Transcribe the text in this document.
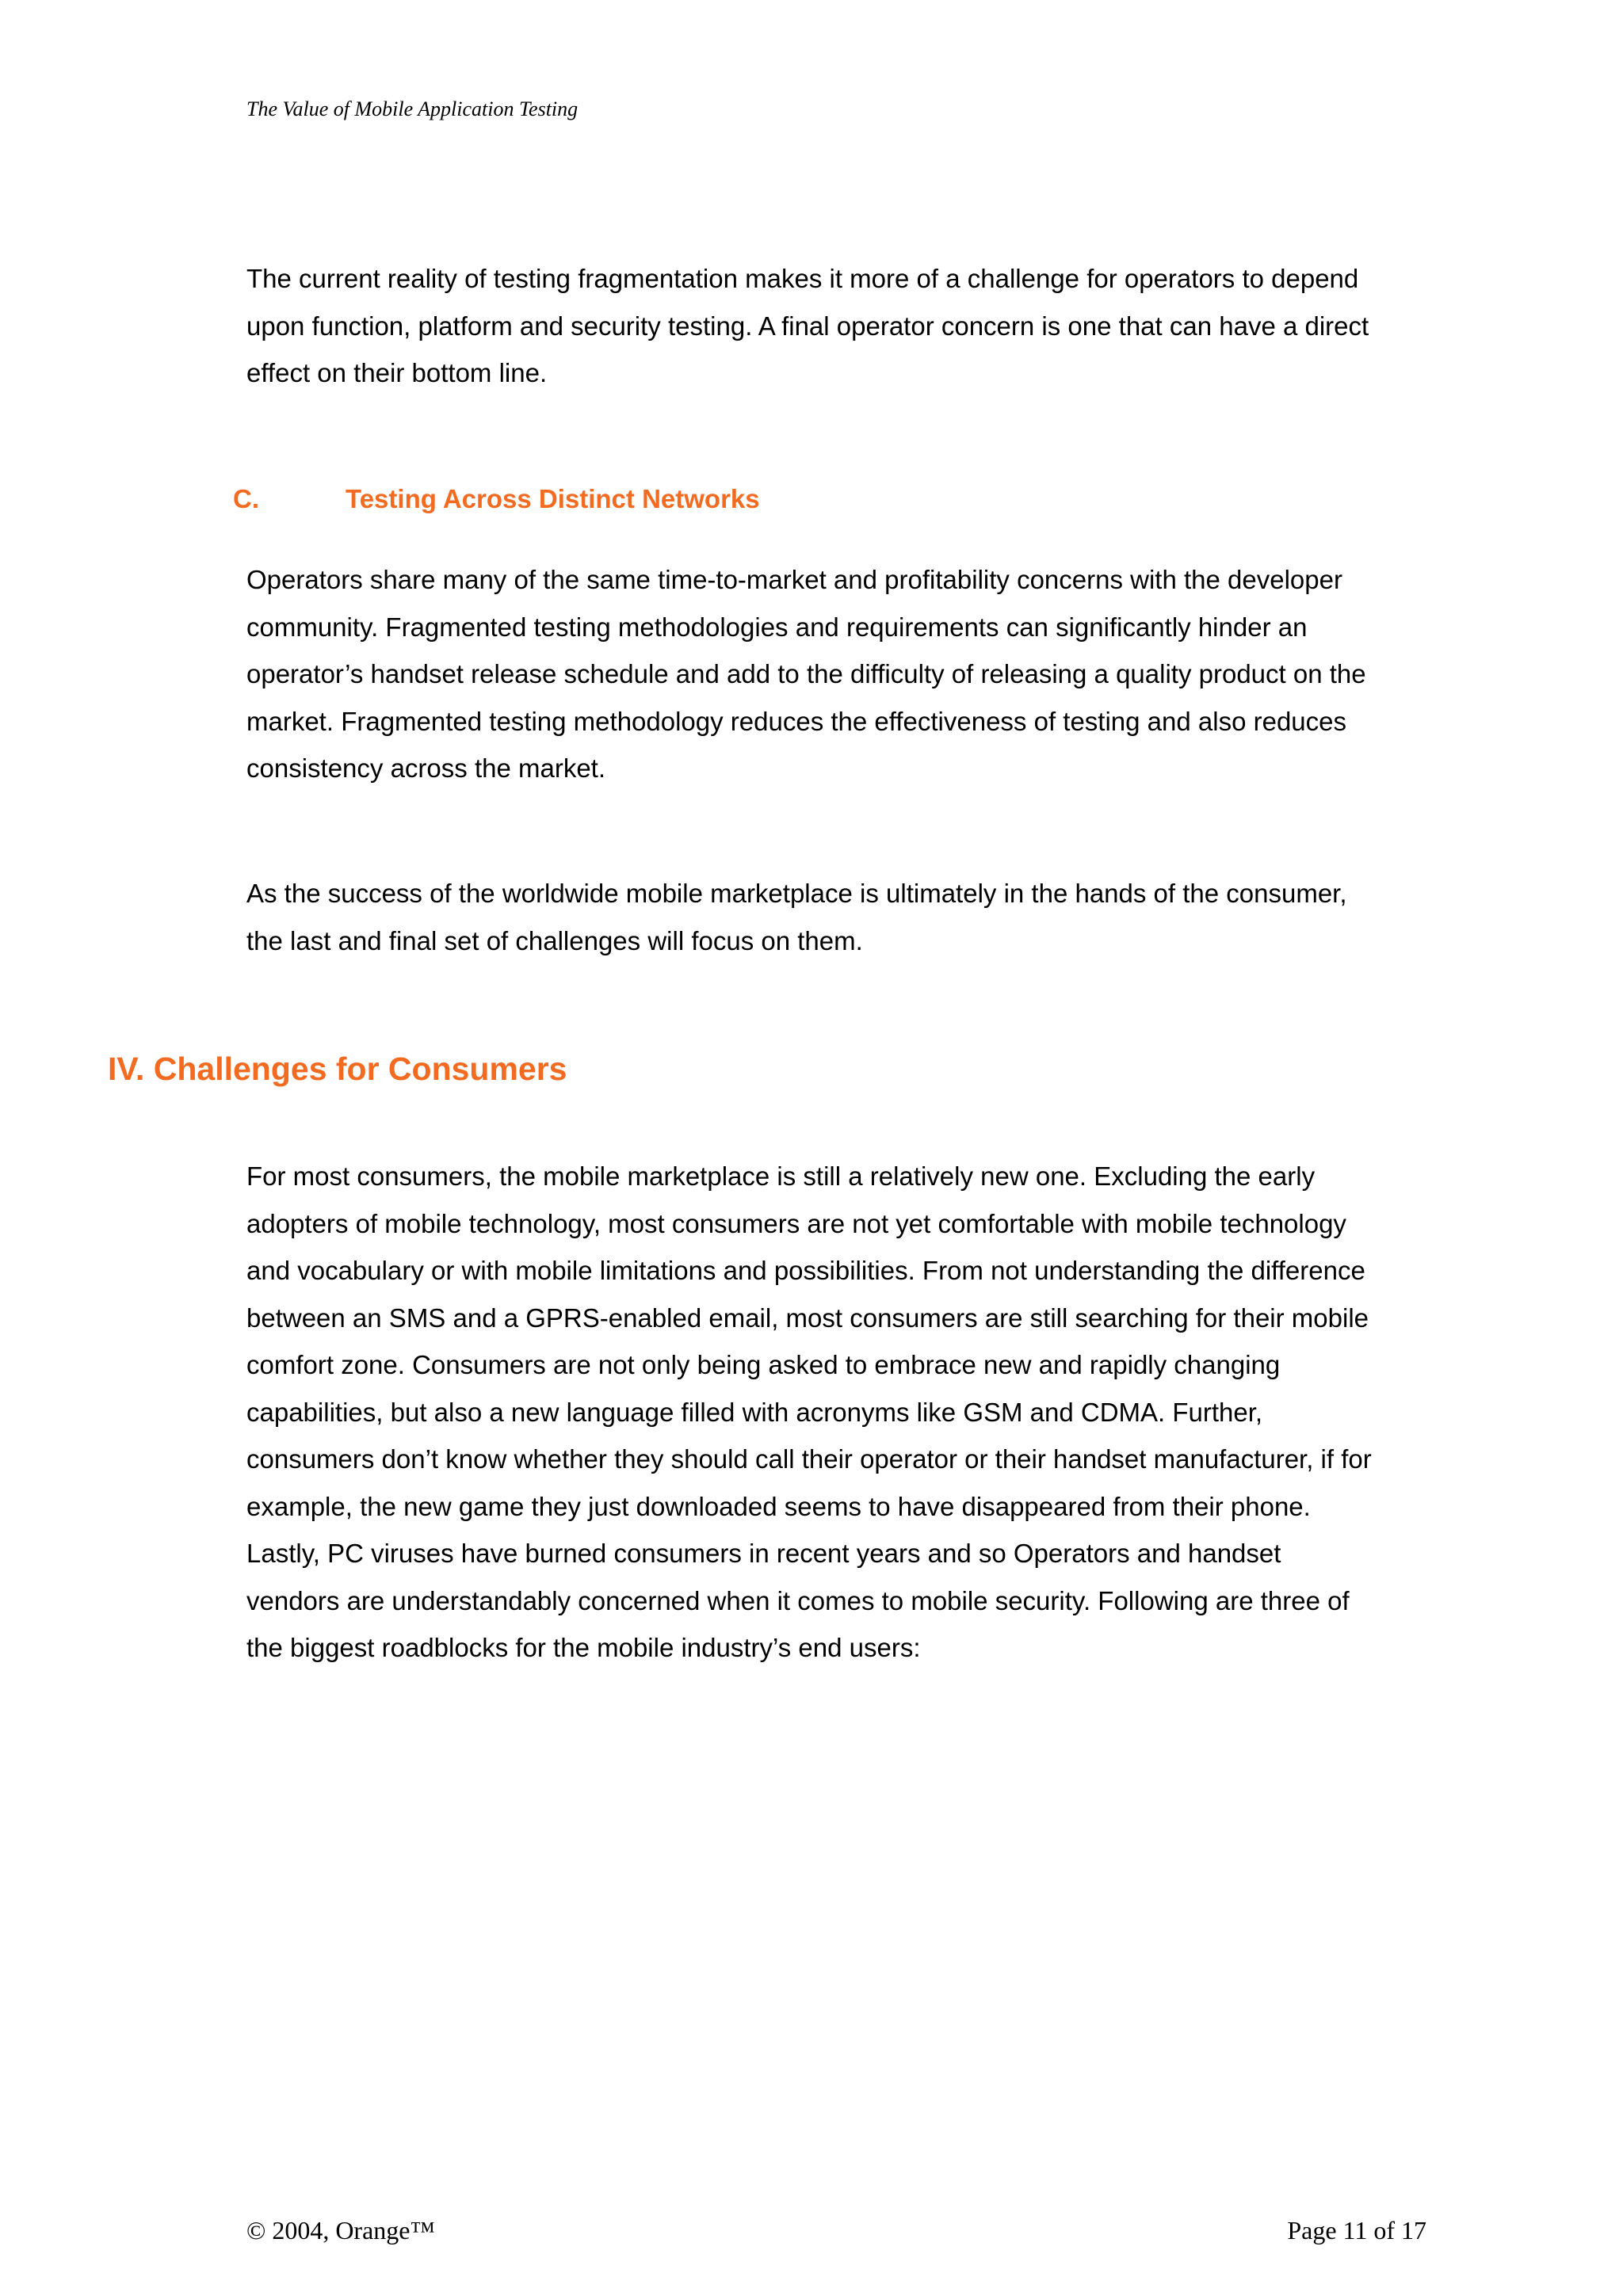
The Value of Mobile Application Testing

The current reality of testing fragmentation makes it more of a challenge for operators to depend upon function, platform and security testing. A final operator concern is one that can have a direct effect on their bottom line.

C.	Testing Across Distinct Networks

Operators share many of the same time-to-market and profitability concerns with the developer community. Fragmented testing methodologies and requirements can significantly hinder an operator’s handset release schedule and add to the difficulty of releasing a quality product on the market. Fragmented testing methodology reduces the effectiveness of testing and also reduces consistency across the market.

As the success of the worldwide mobile marketplace is ultimately in the hands of the consumer, the last and final set of challenges will focus on them.

IV. Challenges for Consumers

For most consumers, the mobile marketplace is still a relatively new one. Excluding the early adopters of mobile technology, most consumers are not yet comfortable with mobile technology and vocabulary or with mobile limitations and possibilities. From not understanding the difference between an SMS and a GPRS-enabled email, most consumers are still searching for their mobile comfort zone. Consumers are not only being asked to embrace new and rapidly changing capabilities, but also a new language filled with acronyms like GSM and CDMA. Further, consumers don’t know whether they should call their operator or their handset manufacturer, if for example, the new game they just downloaded seems to have disappeared from their phone. Lastly, PC viruses have burned consumers in recent years and so Operators and handset vendors are understandably concerned when it comes to mobile security. Following are three of the biggest roadblocks for the mobile industry’s end users:

© 2004, Orange™	Page 11 of 17
